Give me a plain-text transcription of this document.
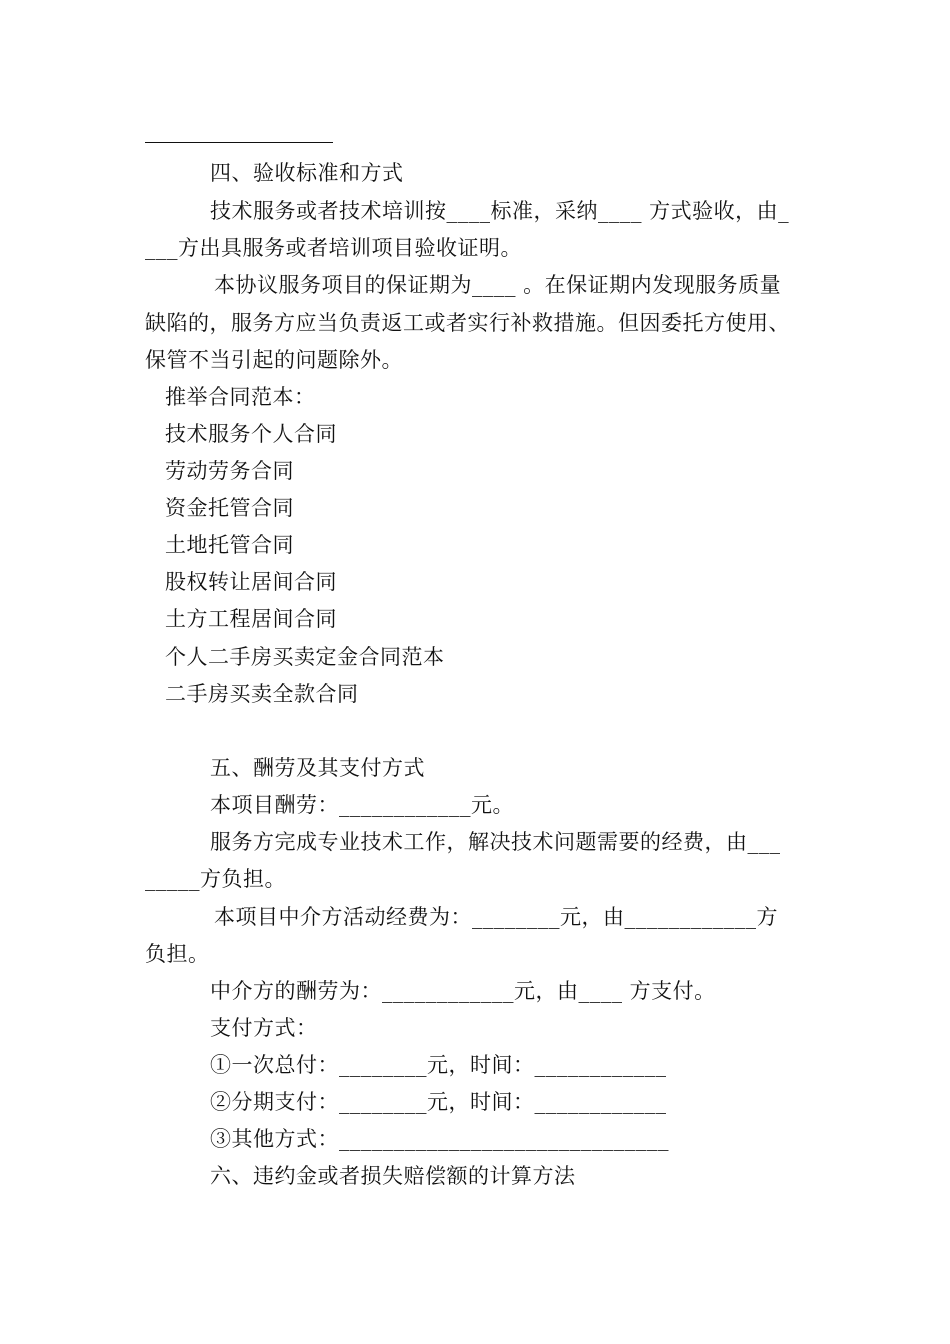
四、验收标准和方式
技术服务或者技术培训按____标准，采纳____ 方式验收，由_
___方出具服务或者培训项目验收证明。
本协议服务项目的保证期为____ 。在保证期内发现服务质量
缺陷的，服务方应当负责返工或者实行补救措施。但因委托方使用、
保管不当引起的问题除外。
推举合同范本：
技术服务个人合同
劳动劳务合同
资金托管合同
土地托管合同
股权转让居间合同
土方工程居间合同
个人二手房买卖定金合同范本
二手房买卖全款合同
五、酬劳及其支付方式
本项目酬劳：____________元。
服务方完成专业技术工作，解决技术问题需要的经费，由___
_____方负担。
本项目中介方活动经费为：________元，由____________方
负担。
中介方的酬劳为：____________元，由____ 方支付。
支付方式：
①一次总付：________元，时间：____________
②分期支付：________元，时间：____________
③其他方式：______________________________
六、违约金或者损失赔偿额的计算方法
